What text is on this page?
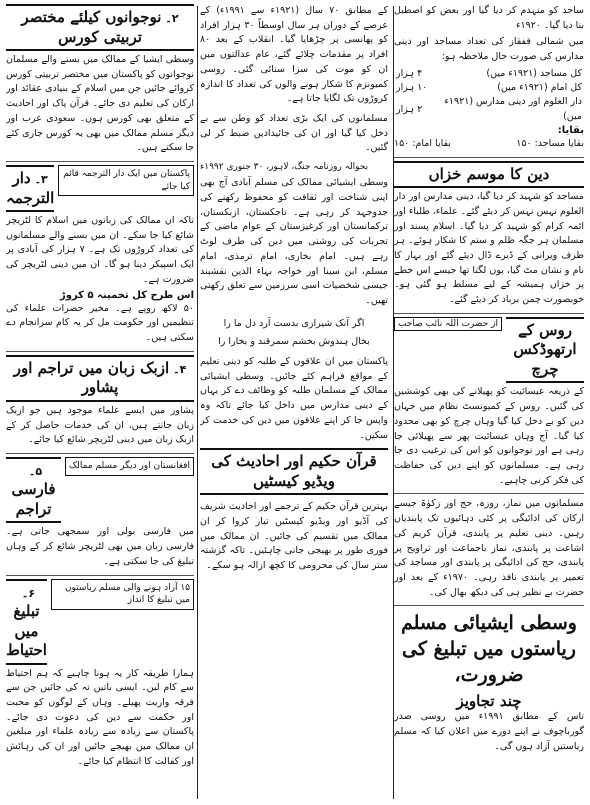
ساجد کو منہدم کر دیا گیا اور بعض کو اصطبل بنا دیا گیا۔ ۱۹۲۰ء

میں شمالی قفقاز کی تعداد مساجد اور دینی مدارس کی صورت حال ملاحظہ ہو:

کل مساجد (۱۹۲۱ء میں)	۴ ہزار
کل امام (۱۹۲۱ء میں)	۱۰ ہزار
دار العلوم اور دینی مدارس (۱۹۲۱ء میں)	۲ ہزار
بقایا:
بقایا مساجد: ۱۵۰
بقایا امام: ۱۵۰
دین کا موسم خزاں

مساجد کو شہید کر دیا گیا، دینی مدارس اور دار العلوم تہس نہس کر دیئے گئے۔ علماء، طلباء اور ائمہ کرام کو شہید کر دیا گیا۔ اسلام پسند اور مسلمان ہر جگہ ظلم و ستم کا شکار ہوئے۔ ہر طرف ویرانی کے ڈیرے ڈال دیئے گئے اور بہار کا نام و نشان مٹ گیا، یوں لگتا تھا جیسے اس خطے پر خزاں ہمیشہ کے لیے مسلط ہو گئی ہو۔ خوبصورت چمن برباد کر دیئے گئے۔

روس کے ارتھوڈکس چرچ
از حضرت اللہ نائب صاحب

کے ذریعہ عیسائیت کو پھیلانے کی بھی کوششیں کی گئیں۔ روس کے کمیونسٹ نظام میں جہاں دین کو بے دخل کیا گیا وہاں چرچ کو بھی محدود کیا گیا۔ آج وہاں عیسائیت پھر سے پھیلائی جا رہی ہے اور نوجوانوں کو اس کی ترغیب دی جا رہی ہے۔ مسلمانوں کو اپنے دین کی حفاظت کی فکر کرنی چاہیے۔

مسلمانوں میں نماز، روزہ، حج اور زکوٰۃ جیسے ارکان کی ادائیگی پر کئی دہائیوں تک پابندیاں رہیں۔ دینی تعلیم پر پابندی، قرآن کریم کی اشاعت پر پابندی، نماز باجماعت اور تراویح پر پابندی، حج کی ادائیگی پر پابندی اور مساجد کی تعمیر پر پابندی نافذ رہی۔ ۱۹۷۰ء کے بعد اور حضرت بے نظیر ہی کی دیکھ بھال کی۔

وسطی ایشیائی مسلم ریاستوں میں تبلیغ کی ضرورت،
چند تجاویز

تاس کے مطابق ۱۹۹۱ء میں روسی صدر گورباچوف نے اپنے دورے میں اعلان کیا کہ مسلم ریاستیں آزاد ہوں گی۔

کے مطابق ۷۰ سال (۱۹۲۱ء سے ۱۹۹۱ء) کے عرصے کے دوران ہر سال اوسطاً ۳۰ ہزار افراد کو پھانسی پر چڑھایا گیا۔ انقلاب کے بعد ۸۰ افراد پر مقدمات چلائے گئے، عام عدالتوں میں ان کو موت کی سزا سنائی گئی۔ روسی کمیونزم کا شکار ہونے والوں کی تعداد کا اندازہ کروڑوں تک لگایا جاتا ہے۔

مسلمانوں کی ایک بڑی تعداد کو وطن سے بے دخل کیا گیا اور ان کی جائیدادیں ضبط کر لی گئیں۔

بحوالہ روزنامہ جنگ، لاہور، ۳۰ جنوری ۱۹۹۲ء

وسطی ایشیائی ممالک کی مسلم آبادی آج بھی اپنی شناخت اور ثقافت کو محفوظ رکھنے کی جدوجہد کر رہی ہے۔ تاجکستان، ازبکستان، ترکمانستان اور کرغیزستان کے عوام ماضی کے تجربات کی روشنی میں دین کی طرف لوٹ رہے ہیں۔ امام بخاری، امام ترمذی، امام مسلم، ابن سینا اور خواجہ بہاء الدین نقشبند جیسی شخصیات اسی سرزمین سے تعلق رکھتی تھیں۔

اگر آنک شیرازی بدست آرد دل ما را
بخال ہندوش بخشم سمرقند و بخارا را

پاکستان میں ان علاقوں کے طلبہ کو دینی تعلیم کے مواقع فراہم کئے جائیں۔ وسطی ایشیائی ممالک کے مسلمان طلبہ کو وظائف دے کر یہاں کے دینی مدارس میں داخل کیا جائے تاکہ وہ واپس جا کر اپنے علاقوں میں دین کی خدمت کر سکیں۔

قرآن حکیم اور احادیث کی ویڈیو کیسٹیں

بہترین قرآن حکیم کے ترجمے اور احادیث شریف کی آڈیو اور ویڈیو کیسٹیں تیار کروا کر ان ممالک میں تقسیم کی جائیں۔ ان ممالک میں فوری طور پر بھیجی جانی چاہئیں۔ تاکہ گزشتہ ستر سال کی محرومی کا کچھ ازالہ ہو سکے۔

۲۔نوجوانوں کیلئے مختصر تربیتی کورس

وسطی ایشیا کے ممالک میں بسنے والے مسلمان نوجوانوں کو پاکستان میں مختصر تربیتی کورس کروائے جائیں جن میں اسلام کے بنیادی عقائد اور ارکان کی تعلیم دی جائے۔ قرآن پاک اور احادیث کے متعلق بھی کورس ہوں۔ سعودی عرب اور دیگر مسلم ممالک میں بھی یہ کورس جاری کئے جا سکتے ہیں۔

پاکستان میں ایک دار الترجمہ قائم کیا جائے
۳۔دار الترجمہ

تاکہ ان ممالک کی زبانوں میں اسلام کا لٹریچر شائع کیا جا سکے۔ ان میں بسنے والے مسلمانوں کی تعداد کروڑوں تک ہے۔ ۷ ہزار کی آبادی پر ایک اسپیکر دینا ہو گا۔ ان میں دینی لٹریچر کی ضرورت ہے۔

اس طرح کل تخمینہ ۵ کروڑ

۵۰ لاکھ روپے ہے۔ مخیر حضرات علماء کی تنظیمیں اور حکومت مل کر یہ کام سرانجام دے سکتی ہیں۔

۴۔ازبک زبان میں تراجم اور پشاور

پشاور میں ایسے علماء موجود ہیں جو ازبک زبان جانتے ہیں، ان کی خدمات حاصل کر کے ازبک زبان میں دینی لٹریچر شائع کیا جائے۔

افغانستان اور دیگر مسلم ممالک
۵۔فارسی تراجم

میں فارسی بولی اور سمجھی جاتی ہے۔ فارسی زبان میں بھی لٹریچر شائع کر کے وہاں تبلیغ کی جا سکتی ہے۔

۱۵ آزاد ہونے والی مسلم ریاستوں میں تبلیغ کا انداز
۶۔تبلیغ میں احتیاط

ہمارا طریقہ کار یہ ہونا چاہیے کہ ہم احتیاط سے کام لیں۔ ایسی باتیں نہ کی جائیں جن سے فرقہ واریت پھیلے۔ وہاں کے لوگوں کو محبت اور حکمت سے دین کی دعوت دی جائے۔ پاکستان سے زیادہ سے زیادہ علماء اور مبلغین ان ممالک میں بھیجے جائیں اور ان کی رہائش اور کفالت کا انتظام کیا جائے۔
